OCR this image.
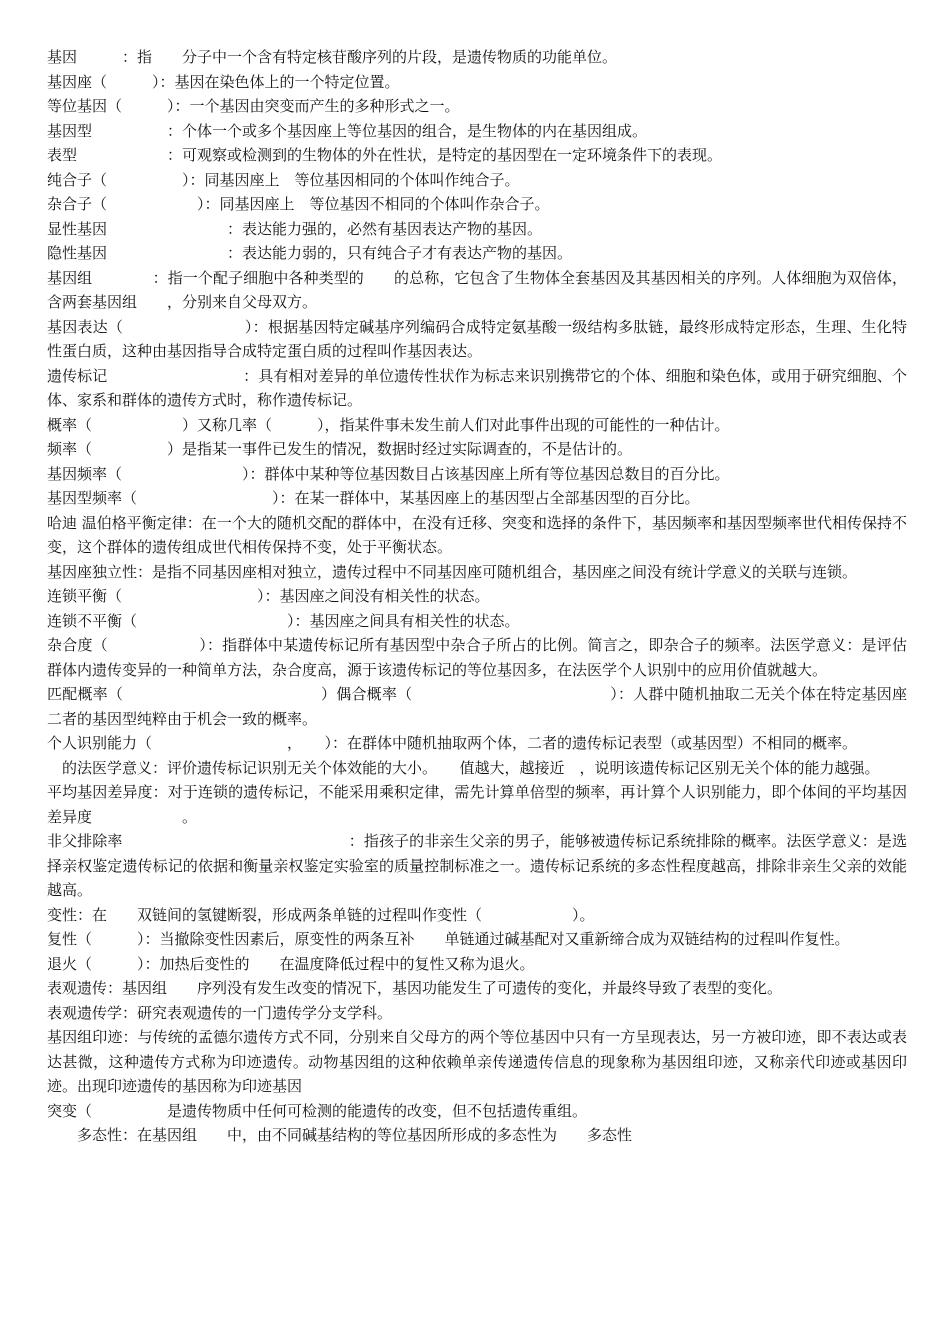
基因　　　：指　　分子中一个含有特定核苷酸序列的片段，是遗传物质的功能单位。

基因座（　　　）：基因在染色体上的一个特定位置。

等位基因（　　　）：一个基因由突变而产生的多种形式之一。

基因型　　　　　：个体一个或多个基因座上等位基因的组合，是生物体的内在基因组成。

表型　　　　　　：可观察或检测到的生物体的外在性状，是特定的基因型在一定环境条件下的表现。

纯合子（　　　　　）：同基因座上　等位基因相同的个体叫作纯合子。

杂合子（　　　　　　）：同基因座上　等位基因不相同的个体叫作杂合子。

显性基因　　　　　　　　：表达能力强的，必然有基因表达产物的基因。

隐性基因　　　　　　　　：表达能力弱的，只有纯合子才有表达产物的基因。

基因组　　　　：指一个配子细胞中各种类型的　　的总称，它包含了生物体全套基因及其基因相关的序列。人体细胞为双倍体，含两套基因组　　，分别来自父母双方。

基因表达（　　　　　　　　）：根据基因特定碱基序列编码合成特定氨基酸一级结构多肽链，最终形成特定形态，生理、生化特性蛋白质，这种由基因指导合成特定蛋白质的过程叫作基因表达。

遗传标记　　　　　　　　　：具有相对差异的单位遗传性状作为标志来识别携带它的个体、细胞和染色体，或用于研究细胞、个体、家系和群体的遗传方式时，称作遗传标记。

概率（　　　　　　）又称几率（　　　），指某件事未发生前人们对此事件出现的可能性的一种估计。

频率（　　　　　）是指某一事件已发生的情况，数据时经过实际调查的，不是估计的。

基因频率（　　　　　　　　）：群体中某种等位基因数目占该基因座上所有等位基因总数目的百分比。

基因型频率（　　　　　　　　　）：在某一群体中，某基因座上的基因型占全部基因型的百分比。

哈迪 温伯格平衡定律：在一个大的随机交配的群体中，在没有迁移、突变和选择的条件下，基因频率和基因型频率世代相传保持不变，这个群体的遗传组成世代相传保持不变，处于平衡状态。

基因座独立性：是指不同基因座相对独立，遗传过程中不同基因座可随机组合，基因座之间没有统计学意义的关联与连锁。

连锁平衡（　　　　　　　　　）：基因座之间没有相关性的状态。

连锁不平衡（　　　　　　　　　　）：基因座之间具有相关性的状态。

杂合度（　　　　　　）：指群体中某遗传标记所有基因型中杂合子所占的比例。简言之，即杂合子的频率。法医学意义：是评估群体内遗传变异的一种简单方法，杂合度高，源于该遗传标记的等位基因多，在法医学个人识别中的应用价值就越大。

匹配概率（　　　　　　　　　　　　　）偶合概率（　　　　　　　　　　　　　）：人群中随机抽取二无关个体在特定基因座二者的基因型纯粹由于机会一致的概率。

个人识别能力（　　　　　　　　　，　　）：在群体中随机抽取两个体，二者的遗传标记表型（或基因型）不相同的概率。

　的法医学意义：评价遗传标记识别无关个体效能的大小。　　值越大，越接近　，说明该遗传标记区别无关个体的能力越强。

平均基因差异度：对于连锁的遗传标记，不能采用乘积定律，需先计算单倍型的频率，再计算个人识别能力，即个体间的平均基因差异度　　　　　　。

非父排除率　　　　　　　　　　　　　　　：指孩子的非亲生父亲的男子，能够被遗传标记系统排除的概率。法医学意义：是选择亲权鉴定遗传标记的依据和衡量亲权鉴定实验室的质量控制标准之一。遗传标记系统的多态性程度越高，排除非亲生父亲的效能越高。

变性：在　　双链间的氢键断裂，形成两条单链的过程叫作变性（　　　　　　）。

复性（　　　）：当撤除变性因素后，原变性的两条互补　　单链通过碱基配对又重新缔合成为双链结构的过程叫作复性。

退火（　　　）：加热后变性的　　在温度降低过程中的复性又称为退火。

表观遗传：基因组　　序列没有发生改变的情况下，基因功能发生了可遗传的变化，并最终导致了表型的变化。

表观遗传学：研究表观遗传的一门遗传学分支学科。

基因组印迹：与传统的孟德尔遗传方式不同，分别来自父母方的两个等位基因中只有一方呈现表达，另一方被印迹，即不表达或表达甚微，这种遗传方式称为印迹遗传。动物基因组的这种依赖单亲传递遗传信息的现象称为基因组印迹，又称亲代印迹或基因印迹。出现印迹遗传的基因称为印迹基因

突变（　　　　　是遗传物质中任何可检测的能遗传的改变，但不包括遗传重组。

　　多态性：在基因组　　中，由不同碱基结构的等位基因所形成的多态性为　　多态性
